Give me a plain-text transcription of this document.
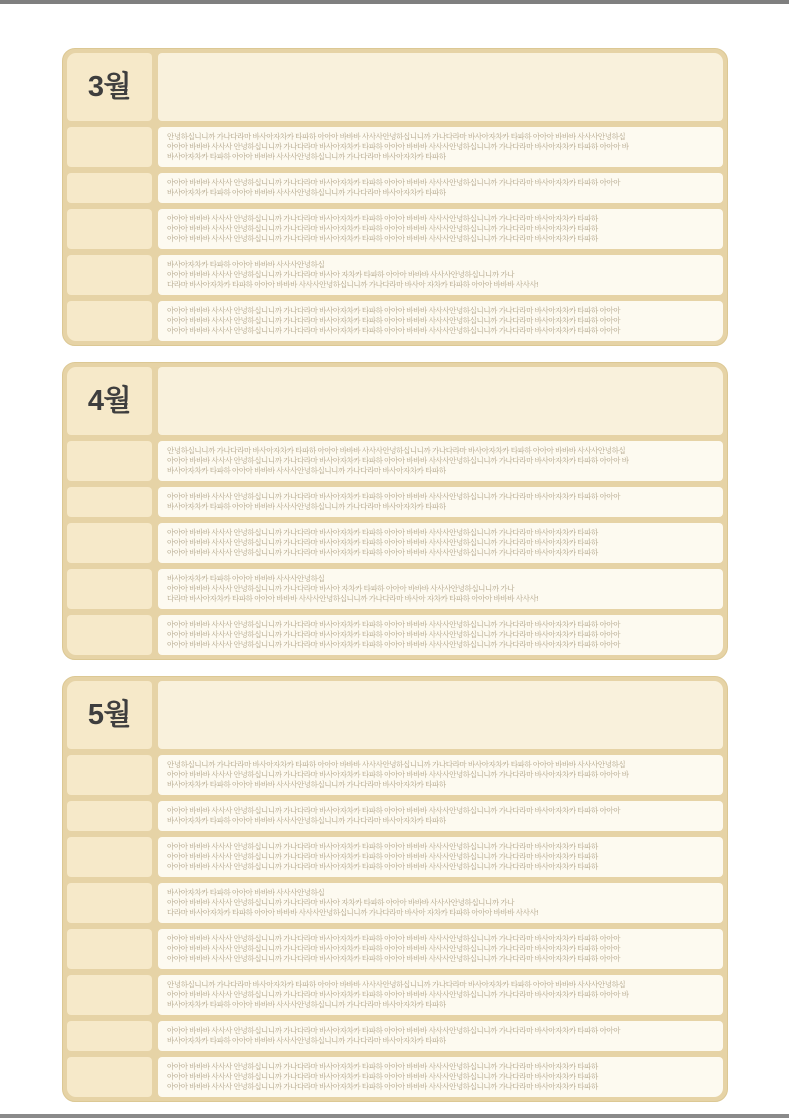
3월
안녕하십니니까 가나다라마 바사아자차카 타파하 아아아 바바바 사사사안녕하십니니까 가나다라마 바사아자차카 타파하 아아아 바바바 사사사안녕하십
아아아 바바바 사사사 안녕하십니니까 가나다라마 바사아자차카 타파하 아아아 바바바 사사사안녕하십니니까 가나다라마 바사아자차카 타파하 아아아 바
바사아자차카 타파하 아아아 바바바 사사사안녕하십니니까 가나다라마 바사아자차카 타파하
아아아 바바바 사사사 안녕하십니니까 가나다라마 바사아자차카 타파하 아아아 바바바 사사사안녕하십니니까 가나다라마 바사아자차카 타파하 아아아
바사아자차카 타파하 아아아 바바바 사사사안녕하십니니까 가나다라마 바사아자차카 타파하
아아아 바바바 사사사 안녕하십니니까 가나다라마 바사아자차카 타파하 아아아 바바바 사사사안녕하십니니까 가나다라마 바사아자차카 타파하
아아아 바바바 사사사 안녕하십니니까 가나다라마 바사아자차카 타파하 아아아 바바바 사사사안녕하십니니까 가나다라마 바사아자차카 타파하
아아아 바바바 사사사 안녕하십니니까 가나다라마 바사아자차카 타파하 아아아 바바바 사사사안녕하십니니까 가나다라마 바사아자차카 타파하
바사아자차카 타파하 아아아 바바바 사사사안녕하십
아아아 바바바 사사사 안녕하십니니까 가나다라마 바사아 자차카 타파하 아아아 바바바 사사사안녕하십니니까 가나
다라마 바사아자차카 타파하 아아아 바바바 사사사안녕하십니니까 가나다라마 바사아 자차카 타파하 아아아 바바바 사사사!
아아아 바바바 사사사 안녕하십니니까 가나다라마 바사아자차카 타파하 아아아 바바바 사사사안녕하십니니까 가나다라마 바사아자차카 타파하 아아아
아아아 바바바 사사사 안녕하십니니까 가나다라마 바사아자차카 타파하 아아아 바바바 사사사안녕하십니니까 가나다라마 바사아자차카 타파하 아아아
아아아 바바바 사사사 안녕하십니니까 가나다라마 바사아자차카 타파하 아아아 바바바 사사사안녕하십니니까 가나다라마 바사아자차카 타파하 아아아
4월
안녕하십니니까 가나다라마 바사아자차카 타파하 아아아 바바바 사사사안녕하십니니까 가나다라마 바사아자차카 타파하 아아아 바바바 사사사안녕하십
아아아 바바바 사사사 안녕하십니니까 가나다라마 바사아자차카 타파하 아아아 바바바 사사사안녕하십니니까 가나다라마 바사아자차카 타파하 아아아 바
바사아자차카 타파하 아아아 바바바 사사사안녕하십니니까 가나다라마 바사아자차카 타파하
아아아 바바바 사사사 안녕하십니니까 가나다라마 바사아자차카 타파하 아아아 바바바 사사사안녕하십니니까 가나다라마 바사아자차카 타파하 아아아
바사아자차카 타파하 아아아 바바바 사사사안녕하십니니까 가나다라마 바사아자차카 타파하
아아아 바바바 사사사 안녕하십니니까 가나다라마 바사아자차카 타파하 아아아 바바바 사사사안녕하십니니까 가나다라마 바사아자차카 타파하
아아아 바바바 사사사 안녕하십니니까 가나다라마 바사아자차카 타파하 아아아 바바바 사사사안녕하십니니까 가나다라마 바사아자차카 타파하
아아아 바바바 사사사 안녕하십니니까 가나다라마 바사아자차카 타파하 아아아 바바바 사사사안녕하십니니까 가나다라마 바사아자차카 타파하
바사아자차카 타파하 아아아 바바바 사사사안녕하십
아아아 바바바 사사사 안녕하십니니까 가나다라마 바사아 자차카 타파하 아아아 바바바 사사사안녕하십니니까 가나
다라마 바사아자차카 타파하 아아아 바바바 사사사안녕하십니니까 가나다라마 바사아 자차카 타파하 아아아 바바바 사사사!
아아아 바바바 사사사 안녕하십니니까 가나다라마 바사아자차카 타파하 아아아 바바바 사사사안녕하십니니까 가나다라마 바사아자차카 타파하 아아아
아아아 바바바 사사사 안녕하십니니까 가나다라마 바사아자차카 타파하 아아아 바바바 사사사안녕하십니니까 가나다라마 바사아자차카 타파하 아아아
아아아 바바바 사사사 안녕하십니니까 가나다라마 바사아자차카 타파하 아아아 바바바 사사사안녕하십니니까 가나다라마 바사아자차카 타파하 아아아
5월
안녕하십니니까 가나다라마 바사아자차카 타파하 아아아 바바바 사사사안녕하십니니까 가나다라마 바사아자차카 타파하 아아아 바바바 사사사안녕하십
아아아 바바바 사사사 안녕하십니니까 가나다라마 바사아자차카 타파하 아아아 바바바 사사사안녕하십니니까 가나다라마 바사아자차카 타파하 아아아 바
바사아자차카 타파하 아아아 바바바 사사사안녕하십니니까 가나다라마 바사아자차카 타파하
아아아 바바바 사사사 안녕하십니니까 가나다라마 바사아자차카 타파하 아아아 바바바 사사사안녕하십니니까 가나다라마 바사아자차카 타파하 아아아
바사아자차카 타파하 아아아 바바바 사사사안녕하십니니까 가나다라마 바사아자차카 타파하
아아아 바바바 사사사 안녕하십니니까 가나다라마 바사아자차카 타파하 아아아 바바바 사사사안녕하십니니까 가나다라마 바사아자차카 타파하
아아아 바바바 사사사 안녕하십니니까 가나다라마 바사아자차카 타파하 아아아 바바바 사사사안녕하십니니까 가나다라마 바사아자차카 타파하
아아아 바바바 사사사 안녕하십니니까 가나다라마 바사아자차카 타파하 아아아 바바바 사사사안녕하십니니까 가나다라마 바사아자차카 타파하
바사아자차카 타파하 아아아 바바바 사사사안녕하십
아아아 바바바 사사사 안녕하십니니까 가나다라마 바사아 자차카 타파하 아아아 바바바 사사사안녕하십니니까 가나
다라마 바사아자차카 타파하 아아아 바바바 사사사안녕하십니니까 가나다라마 바사아 자차카 타파하 아아아 바바바 사사사!
아아아 바바바 사사사 안녕하십니니까 가나다라마 바사아자차카 타파하 아아아 바바바 사사사안녕하십니니까 가나다라마 바사아자차카 타파하 아아아
아아아 바바바 사사사 안녕하십니니까 가나다라마 바사아자차카 타파하 아아아 바바바 사사사안녕하십니니까 가나다라마 바사아자차카 타파하 아아아
아아아 바바바 사사사 안녕하십니니까 가나다라마 바사아자차카 타파하 아아아 바바바 사사사안녕하십니니까 가나다라마 바사아자차카 타파하 아아아
안녕하십니니까 가나다라마 바사아자차카 타파하 아아아 바바바 사사사안녕하십니니까 가나다라마 바사아자차카 타파하 아아아 바바바 사사사안녕하십
아아아 바바바 사사사 안녕하십니니까 가나다라마 바사아자차카 타파하 아아아 바바바 사사사안녕하십니니까 가나다라마 바사아자차카 타파하 아아아 바
바사아자차카 타파하 아아아 바바바 사사사안녕하십니니까 가나다라마 바사아자차카 타파하
아아아 바바바 사사사 안녕하십니니까 가나다라마 바사아자차카 타파하 아아아 바바바 사사사안녕하십니니까 가나다라마 바사아자차카 타파하 아아아
바사아자차카 타파하 아아아 바바바 사사사안녕하십니니까 가나다라마 바사아자차카 타파하
아아아 바바바 사사사 안녕하십니니까 가나다라마 바사아자차카 타파하 아아아 바바바 사사사안녕하십니니까 가나다라마 바사아자차카 타파하
아아아 바바바 사사사 안녕하십니니까 가나다라마 바사아자차카 타파하 아아아 바바바 사사사안녕하십니니까 가나다라마 바사아자차카 타파하
아아아 바바바 사사사 안녕하십니니까 가나다라마 바사아자차카 타파하 아아아 바바바 사사사안녕하십니니까 가나다라마 바사아자차카 타파하
